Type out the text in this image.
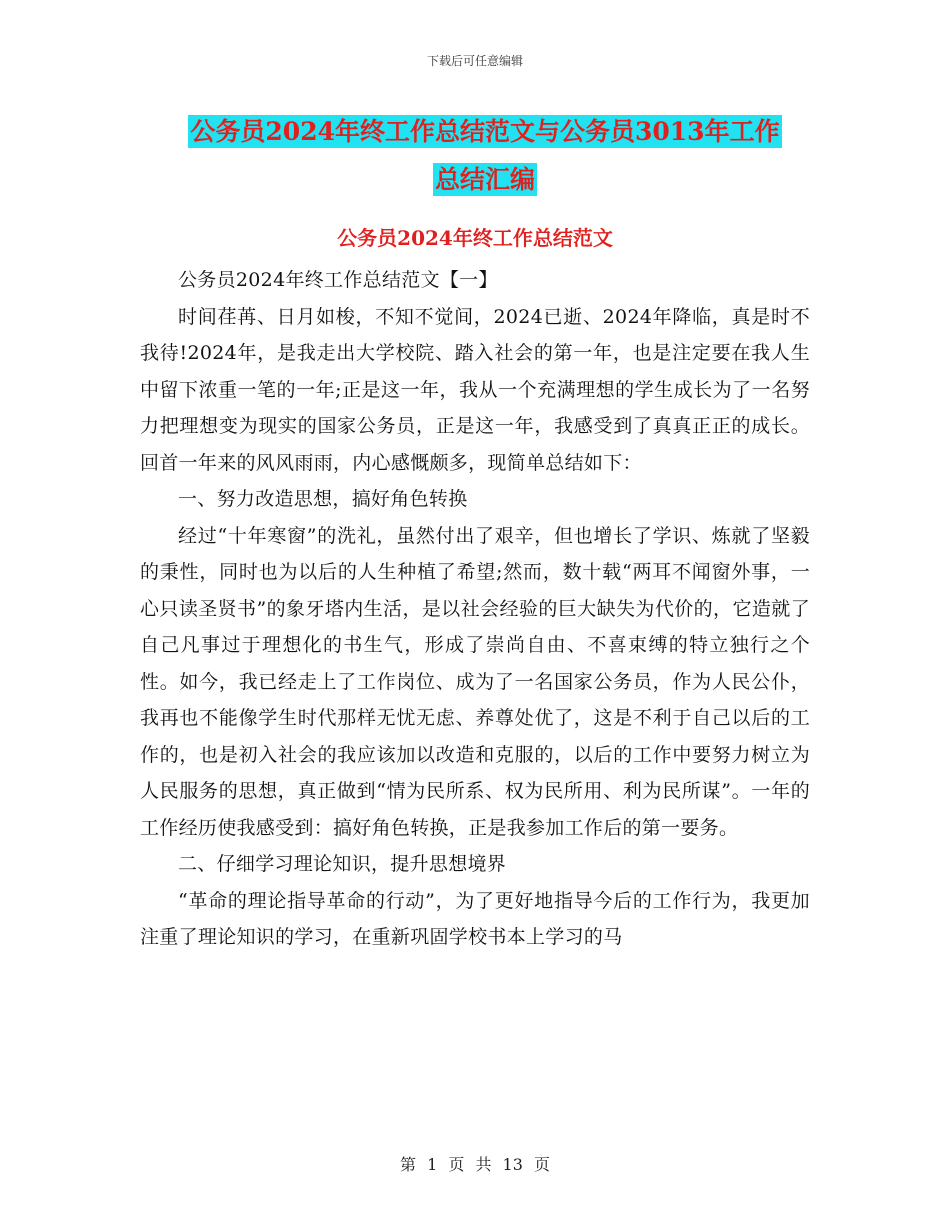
下载后可任意编辑
公务员2024年终工作总结范文与公务员3013年工作
总结汇编
公务员2024年终工作总结范文

公务员2024年终工作总结范文【一】

时间荏苒、日月如梭，不知不觉间，2024已逝、2024年降临，真是时不我待!2024年，是我走出大学校院、踏入社会的第一年，也是注定要在我人生中留下浓重一笔的一年;正是这一年，我从一个充满理想的学生成长为了一名努力把理想变为现实的国家公务员，正是这一年，我感受到了真真正正的成长。回首一年来的风风雨雨，内心感慨颇多，现简单总结如下：

一、努力改造思想，搞好角色转换

经过“十年寒窗”的洗礼，虽然付出了艰辛，但也增长了学识、炼就了坚毅的秉性，同时也为以后的人生种植了希望;然而，数十载“两耳不闻窗外事，一心只读圣贤书”的象牙塔内生活，是以社会经验的巨大缺失为代价的，它造就了自己凡事过于理想化的书生气，形成了崇尚自由、不喜束缚的特立独行之个性。如今，我已经走上了工作岗位、成为了一名国家公务员，作为人民公仆，我再也不能像学生时代那样无忧无虑、养尊处优了，这是不利于自己以后的工作的，也是初入社会的我应该加以改造和克服的，以后的工作中要努力树立为人民服务的思想，真正做到“情为民所系、权为民所用、利为民所谋”。一年的工作经历使我感受到：搞好角色转换，正是我参加工作后的第一要务。

二、仔细学习理论知识，提升思想境界

“革命的理论指导革命的行动”，为了更好地指导今后的工作行为，我更加注重了理论知识的学习，在重新巩固学校书本上学习的马

第 1 页 共 13 页
